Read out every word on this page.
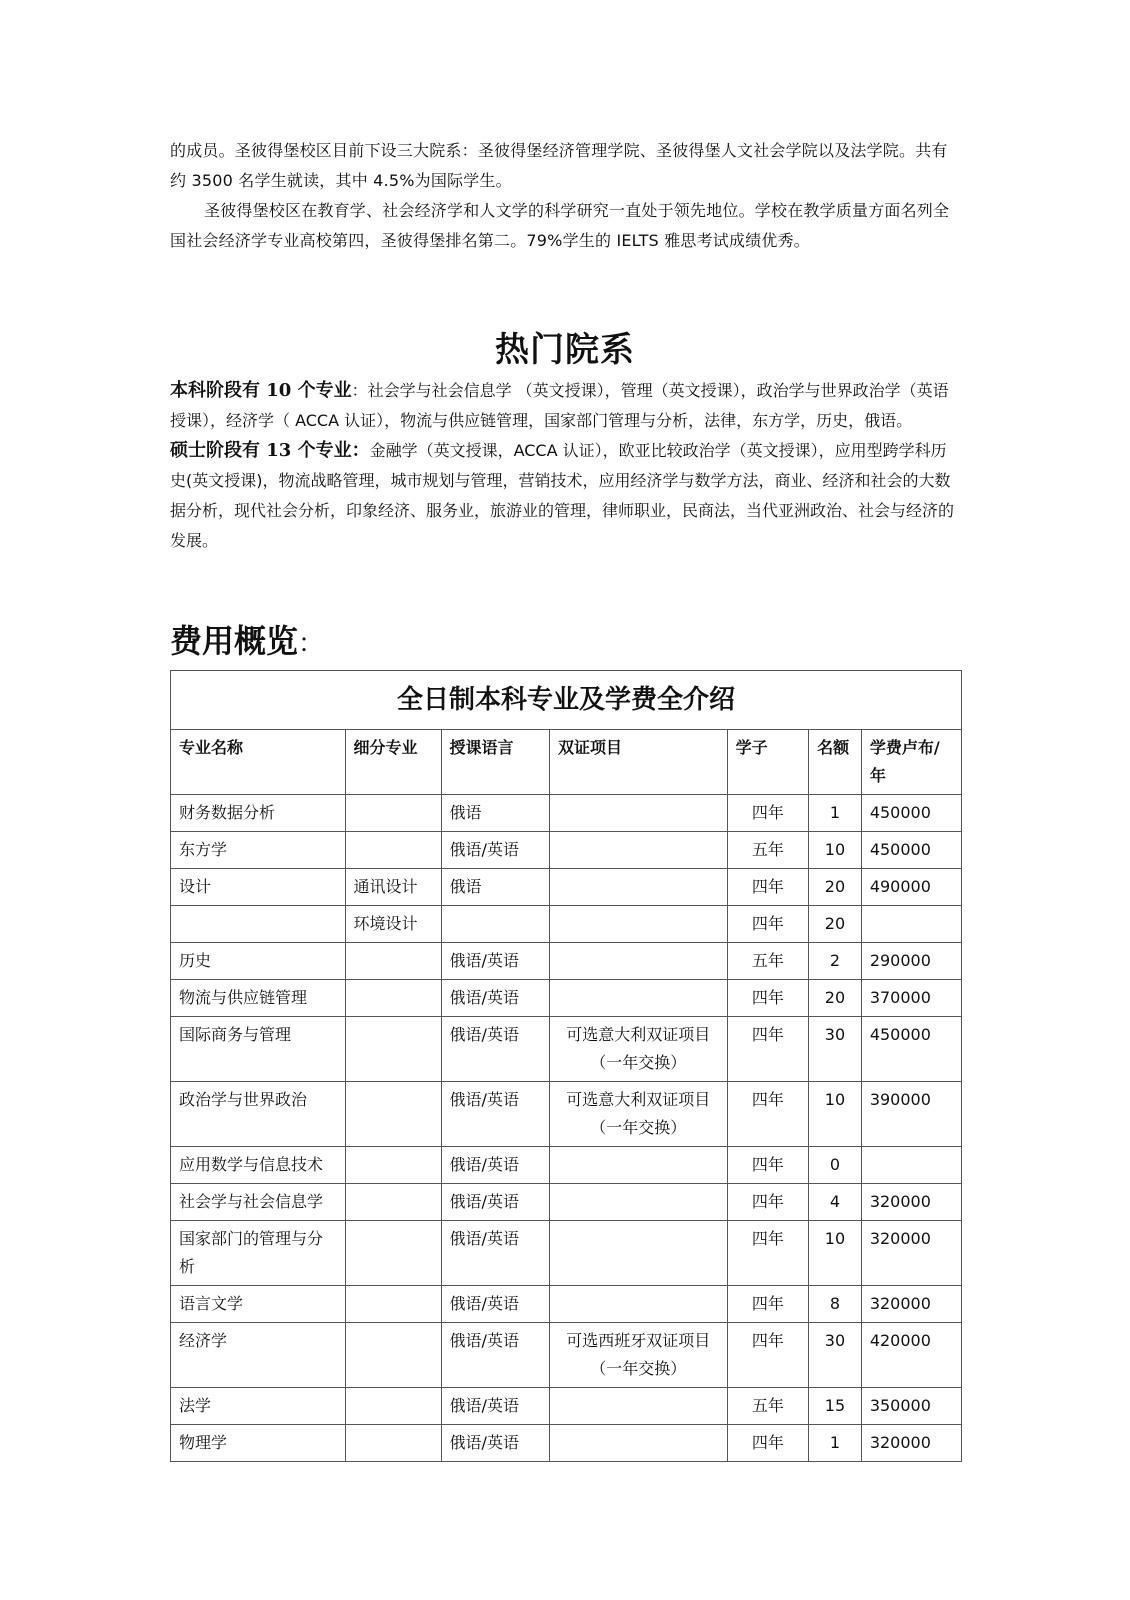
的成员。圣彼得堡校区目前下设三大院系：圣彼得堡经济管理学院、圣彼得堡人文社会学院以及法学院。共有约 3500 名学生就读，其中 4.5%为国际学生。

圣彼得堡校区在教育学、社会经济学和人文学的科学研究一直处于领先地位。学校在教学质量方面名列全国社会经济学专业高校第四，圣彼得堡排名第二。79%学生的 IELTS 雅思考试成绩优秀。

热门院系

本科阶段有 10 个专业：社会学与社会信息学 （英文授课），管理（英文授课），政治学与世界政治学（英语授课），经济学（ ACCA 认证），物流与供应链管理，国家部门管理与分析，法律，东方学，历史，俄语。

硕士阶段有 13 个专业：金融学（英文授课，ACCA 认证），欧亚比较政治学（英文授课），应用型跨学科历史(英文授课)，物流战略管理，城市规划与管理，营销技术，应用经济学与数学方法，商业、经济和社会的大数据分析，现代社会分析，印象经济、服务业，旅游业的管理，律师职业，民商法，当代亚洲政治、社会与经济的发展。

费用概览：
全日制本科专业及学费全介绍
专业名称	细分专业	授课语言	双证项目	学子	名额	学费卢布/年
财务数据分析		俄语		四年	1	450000
东方学		俄语/英语		五年	10	450000
设计	通讯设计	俄语		四年	20	490000
	环境设计			四年	20	
历史		俄语/英语		五年	2	290000
物流与供应链管理		俄语/英语		四年	20	370000
国际商务与管理		俄语/英语	可选意大利双证项目（一年交换）	四年	30	450000
政治学与世界政治		俄语/英语	可选意大利双证项目（一年交换）	四年	10	390000
应用数学与信息技术		俄语/英语		四年	0	
社会学与社会信息学		俄语/英语		四年	4	320000
国家部门的管理与分析		俄语/英语		四年	10	320000
语言文学		俄语/英语		四年	8	320000
经济学		俄语/英语	可选西班牙双证项目（一年交换）	四年	30	420000
法学		俄语/英语		五年	15	350000
物理学		俄语/英语		四年	1	320000
